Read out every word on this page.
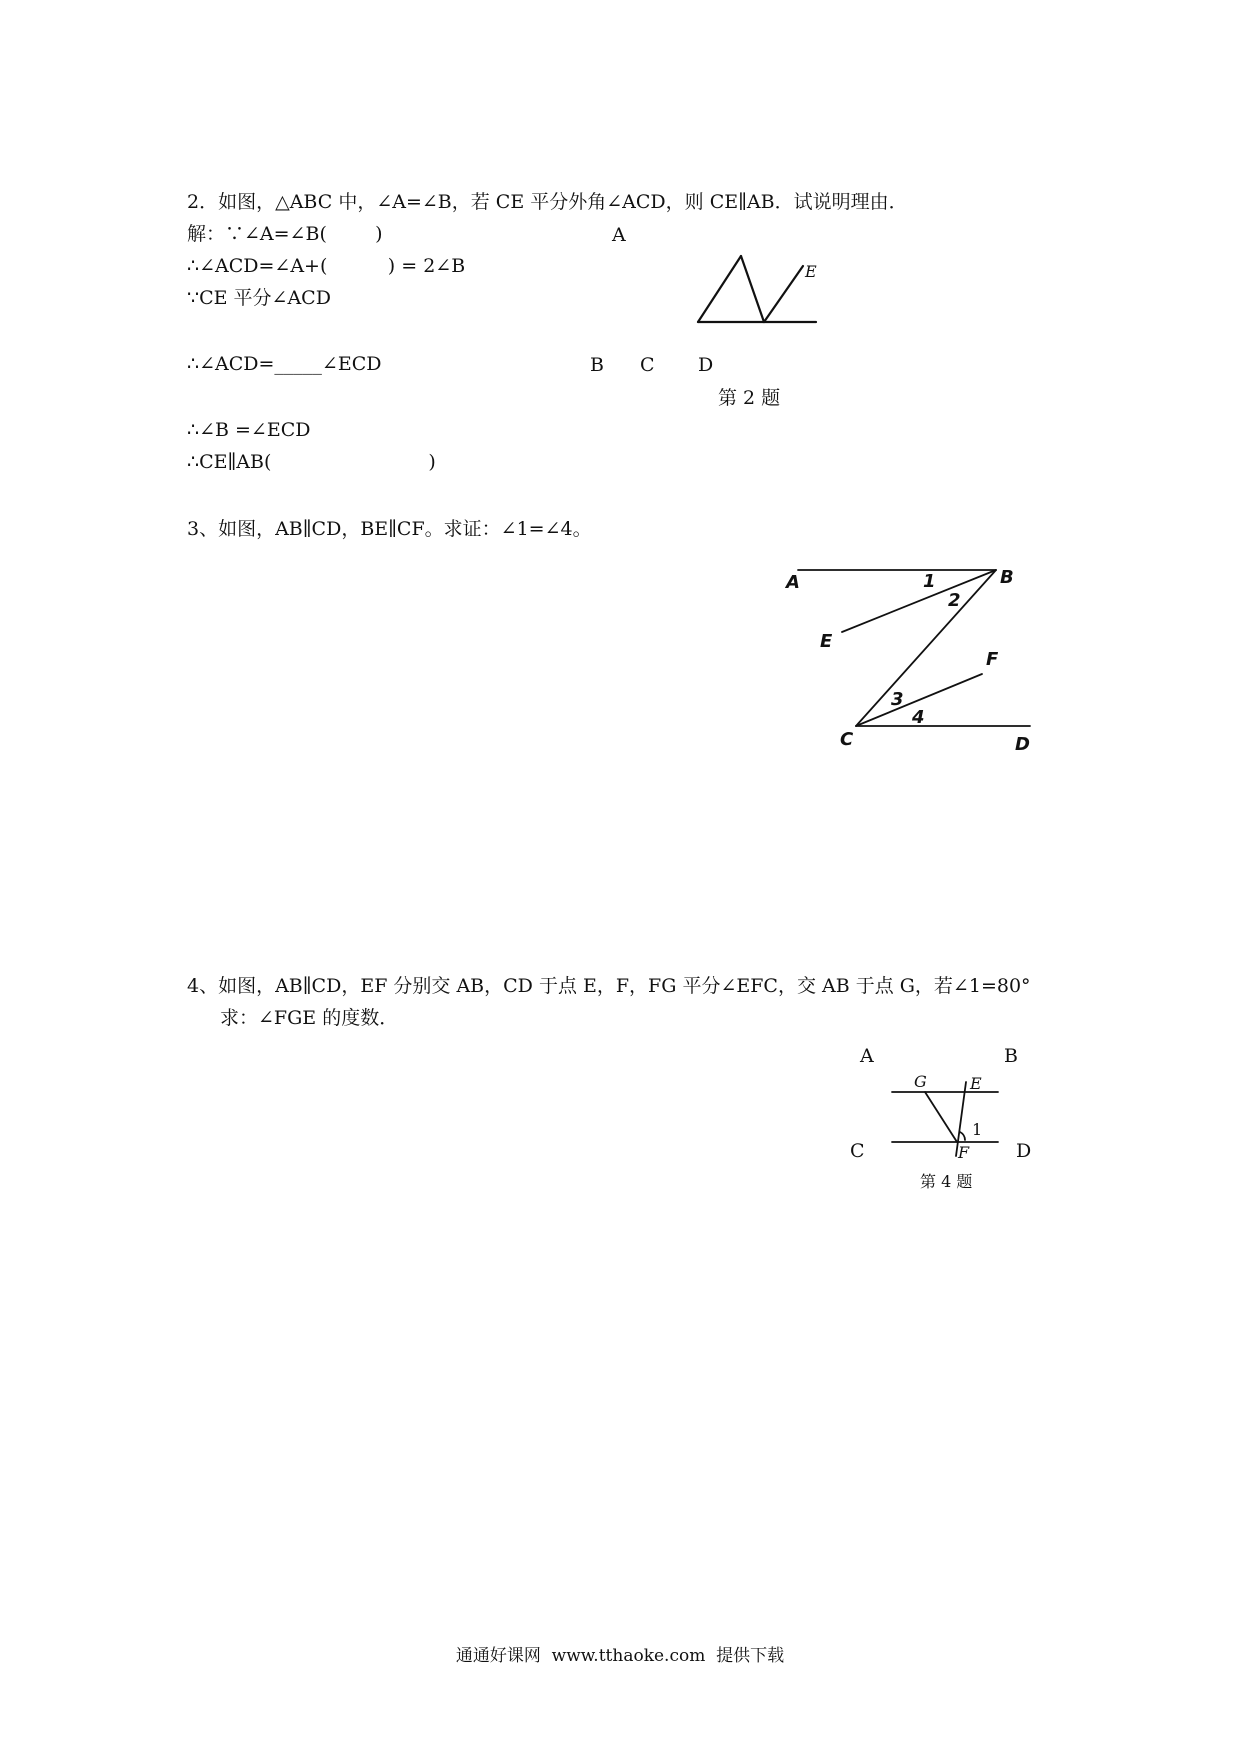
2．如图，△ABC 中，∠A=∠B，若 CE 平分外角∠ACD，则 CE∥AB．试说明理由．
解：∵∠A=∠B(        )
∴∠ACD=∠A+(          ) = 2∠B
∵CE 平分∠ACD
∴∠ACD=_____∠ECD
∴∠B =∠ECD
∴CE∥AB(                          )
A
E
B C D
第 2 题
3、如图，AB∥CD，BE∥CF。求证：∠1=∠4。
A	B
1
2
E
F
3
4
C	D
4、如图，AB∥CD，EF 分别交 AB，CD 于点 E，F，FG 平分∠EFC，交 AB 于点 G，若∠1=80°
求：∠FGE 的度数．
A	B
G	E
1
C	F D
第 4 题
通通好课网  www.tthaoke.com  提供下载
